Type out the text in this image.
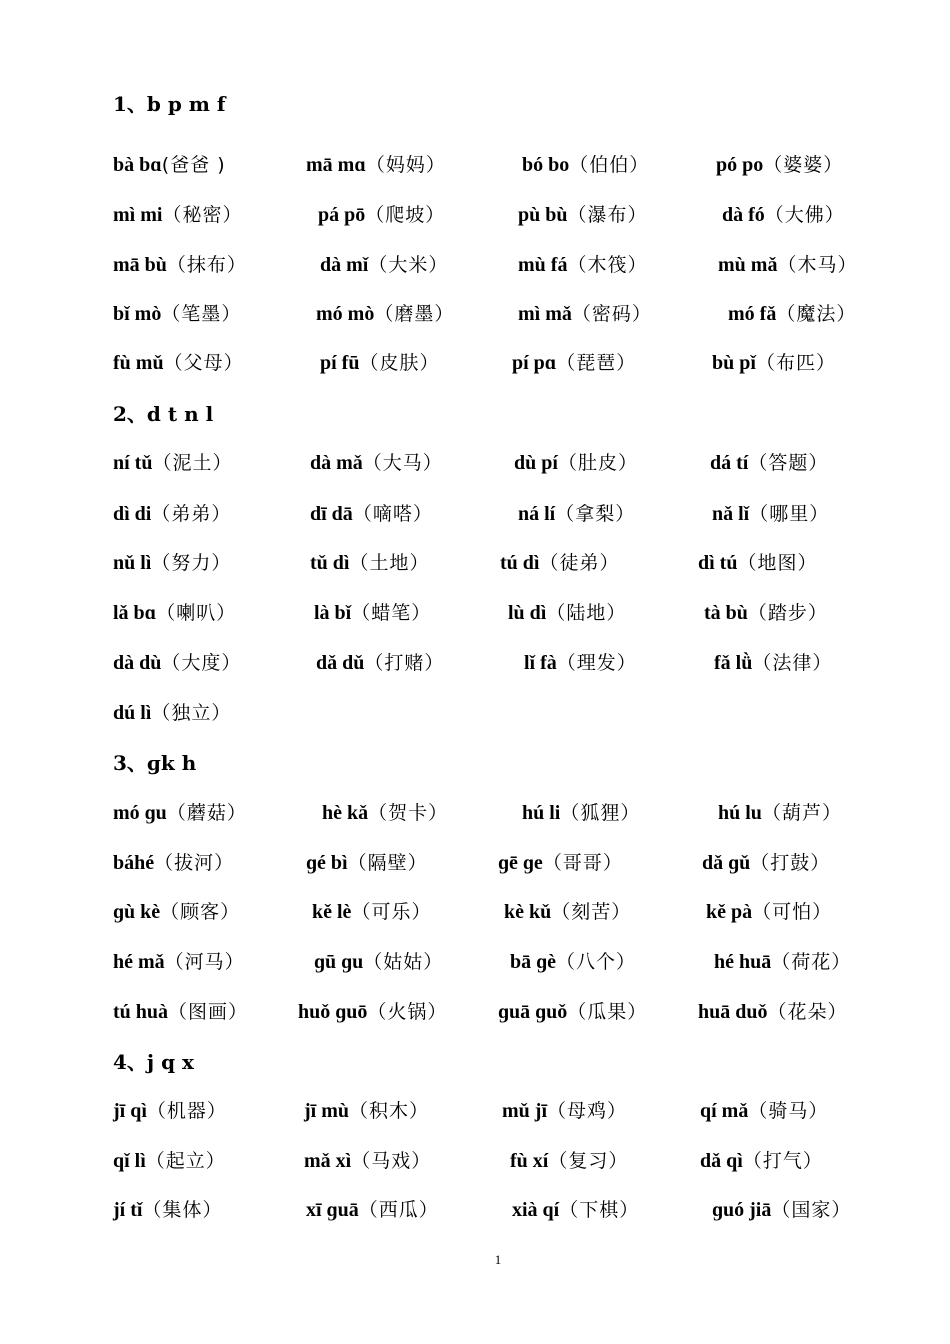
1、b p m f
bà bɑ(爸爸 )	mā mɑ（妈妈）	bó bo（伯伯）	pó po（婆婆）
mì mi（秘密）	pá pō（爬坡）	pù bù（瀑布）	dà fó（大佛）
mā bù（抹布）	dà mǐ（大米）	mù fá（木筏）	mù mǎ（木马）
bǐ mò（笔墨）	mó mò（磨墨）	mì mǎ（密码）	mó fǎ（魔法）
fù mǔ（父母）	pí fū（皮肤）	pí pɑ（琵琶）	bù pǐ（布匹）
2、d t n l
ní tǔ（泥土）	dà mǎ（大马）	dù pí（肚皮）	dá tí（答题）
dì di（弟弟）	dī dā（嘀嗒）	ná lí（拿梨）	nǎ lǐ（哪里）
nǔ lì（努力）	tǔ dì（土地）	tú dì（徒弟）	dì tú（地图）
lǎ bɑ（喇叭）	là bǐ（蜡笔）	lù dì（陆地）	tà bù（踏步）
dà dù（大度）	dǎ dǔ（打赌）	lǐ fà（理发）	fǎ lǜ（法律）
dú lì（独立）
3、ɡk h
mó ɡu（蘑菇）	hè kǎ（贺卡）	hú li（狐狸）	hú lu（葫芦）
báhé（拔河）	ɡé bì（隔壁）	ɡē ɡe（哥哥）	dǎ ɡǔ（打鼓）
ɡù kè（顾客）	kě lè（可乐）	kè kǔ（刻苦）	kě pà（可怕）
hé mǎ（河马）	ɡū ɡu（姑姑）	bā ɡè（八个）	hé huā（荷花）
tú huà（图画） huǒ ɡuō（火锅）	ɡuā ɡuǒ（瓜果）	huā duǒ（花朵）
4、j q x
jī qì（机器）	jī mù（积木）	mǔ jī（母鸡）	qí mǎ（骑马）
qǐ lì（起立）	mǎ xì（马戏）	fù xí（复习）	dǎ qì（打气）
jí tǐ（集体）	xī ɡuā（西瓜）	xià qí（下棋）	ɡuó jiā（国家）
1
